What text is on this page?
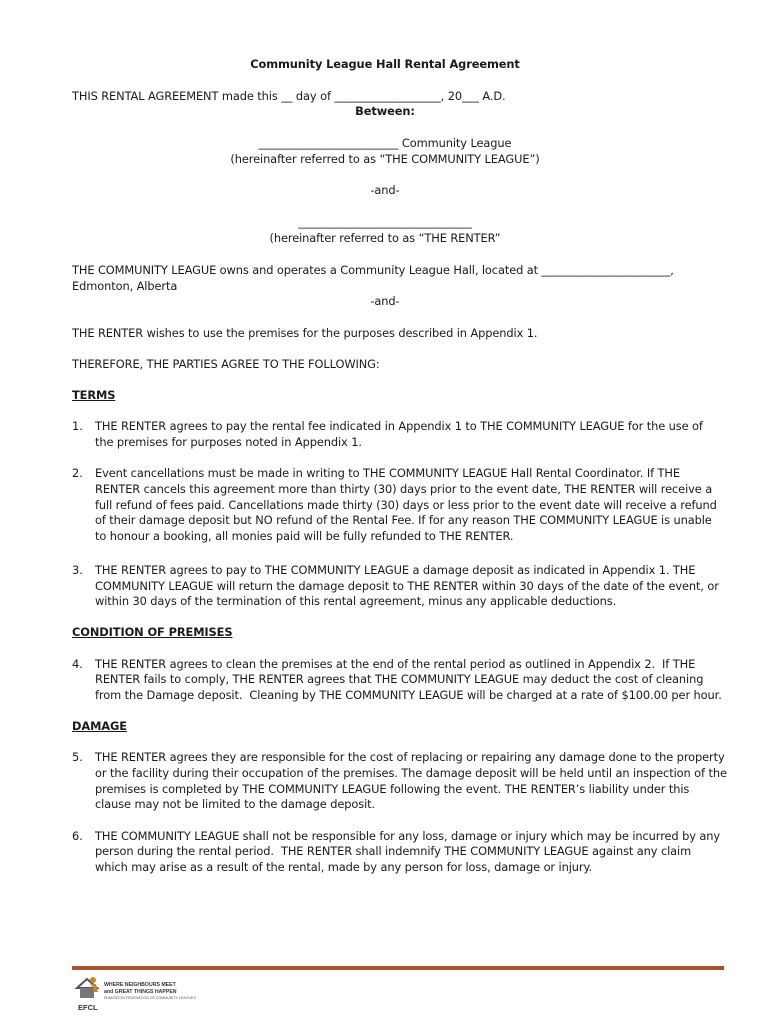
Community League Hall Rental Agreement
THIS RENTAL AGREEMENT made this __ day of ___________________, 20___ A.D.
Between:
_________________________ Community League
(hereinafter referred to as “THE COMMUNITY LEAGUE”)
-and-
_______________________________
(hereinafter referred to as “THE RENTER”
THE COMMUNITY LEAGUE owns and operates a Community League Hall, located at _______________________,
Edmonton, Alberta
-and-
THE RENTER wishes to use the premises for the purposes described in Appendix 1.
THEREFORE, THE PARTIES AGREE TO THE FOLLOWING:
TERMS
1. THE RENTER agrees to pay the rental fee indicated in Appendix 1 to THE COMMUNITY LEAGUE for the use of
the premises for purposes noted in Appendix 1.
2. Event cancellations must be made in writing to THE COMMUNITY LEAGUE Hall Rental Coordinator. If THE
RENTER cancels this agreement more than thirty (30) days prior to the event date, THE RENTER will receive a
full refund of fees paid. Cancellations made thirty (30) days or less prior to the event date will receive a refund
of their damage deposit but NO refund of the Rental Fee. If for any reason THE COMMUNITY LEAGUE is unable
to honour a booking, all monies paid will be fully refunded to THE RENTER.
3. THE RENTER agrees to pay to THE COMMUNITY LEAGUE a damage deposit as indicated in Appendix 1. THE
COMMUNITY LEAGUE will return the damage deposit to THE RENTER within 30 days of the date of the event, or
within 30 days of the termination of this rental agreement, minus any applicable deductions.
CONDITION OF PREMISES
4. THE RENTER agrees to clean the premises at the end of the rental period as outlined in Appendix 2.  If THE
RENTER fails to comply, THE RENTER agrees that THE COMMUNITY LEAGUE may deduct the cost of cleaning
from the Damage deposit.  Cleaning by THE COMMUNITY LEAGUE will be charged at a rate of $100.00 per hour.
DAMAGE
5. THE RENTER agrees they are responsible for the cost of replacing or repairing any damage done to the property
or the facility during their occupation of the premises. The damage deposit will be held until an inspection of the
premises is completed by THE COMMUNITY LEAGUE following the event. THE RENTER’s liability under this
clause may not be limited to the damage deposit.
6. THE COMMUNITY LEAGUE shall not be responsible for any loss, damage or injury which may be incurred by any
person during the rental period.  THE RENTER shall indemnify THE COMMUNITY LEAGUE against any claim
which may arise as a result of the rental, made by any person for loss, damage or injury.
WHERE NEIGHBOURS MEET
and GREAT THINGS HAPPEN
EDMONTON FEDERATION OF COMMUNITY LEAGUES
EFCL
